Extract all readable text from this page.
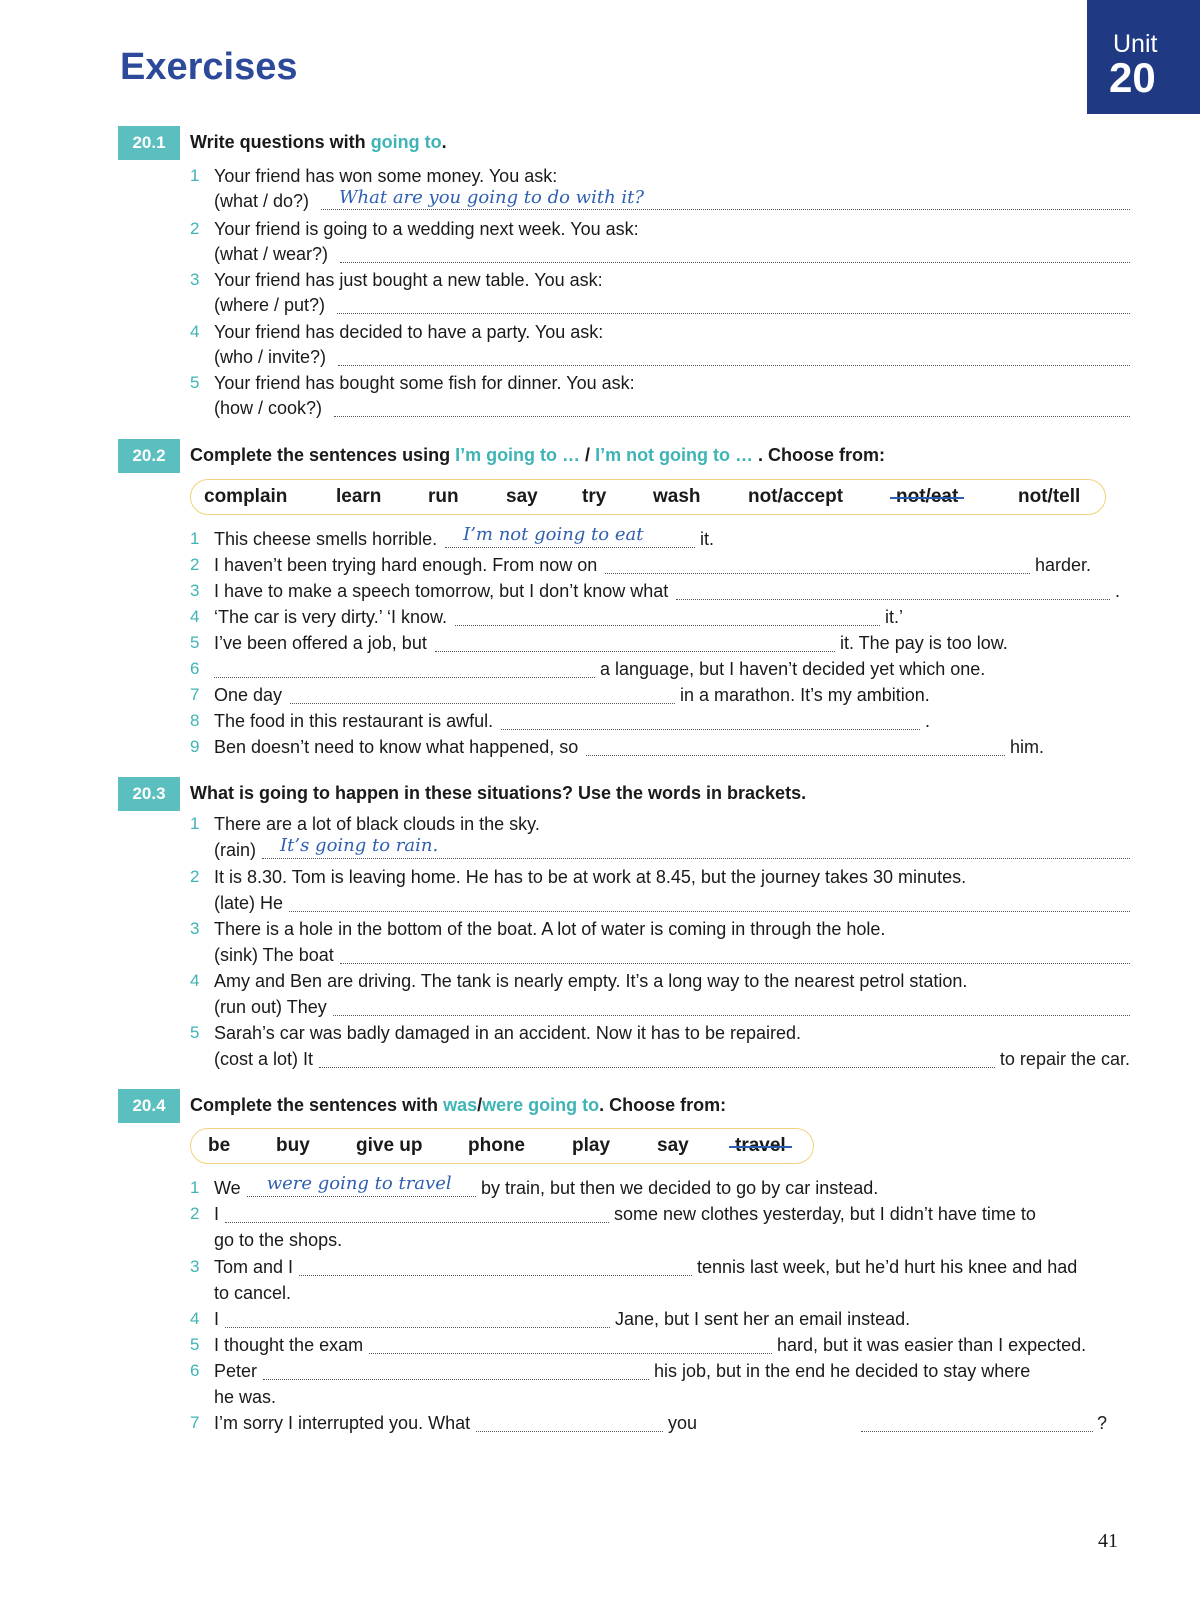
Unit
20
Exercises
20.1	Write questions with going to.
1 Your friend has won some money. You ask:
(what / do?) What are you going to do with it?
2 Your friend is going to a wedding next week. You ask:
(what / wear?)
3 Your friend has just bought a new table. You ask:
(where / put?)
4 Your friend has decided to have a party. You ask:
(who / invite?)
5 Your friend has bought some fish for dinner. You ask:
(how / cook?)
20.2	Complete the sentences using I’m going to … / I’m not going to … . Choose from:
complain	learn run say try wash not/accept	not/eat	not/tell
1 This cheese smells horrible.	it.
I’m not going to eat
2 I haven’t been trying hard enough. From now on	harder.
3 I have to make a speech tomorrow, but I don’t know what	.
4 ‘The car is very dirty.’ ‘I know.	it.’
5 I’ve been offered a job, but	it. The pay is too low.
6	a language, but I haven’t decided yet which one.
7 One day	in a marathon. It’s my ambition.
8 The food in this restaurant is awful.	.
9 Ben doesn’t need to know what happened, so	him.
20.3	What is going to happen in these situations? Use the words in brackets.
1 There are a lot of black clouds in the sky.
(rain) It’s going to rain.
2 It is 8.30. Tom is leaving home. He has to be at work at 8.45, but the journey takes 30 minutes.
(late) He
3 There is a hole in the bottom of the boat. A lot of water is coming in through the hole.
(sink) The boat
4 Amy and Ben are driving. The tank is nearly empty. It’s a long way to the nearest petrol station.
(run out) They
5 Sarah’s car was badly damaged in an accident. Now it has to be repaired.
(cost a lot) It	to repair the car.
20.4	Complete the sentences with was/were going to. Choose from:
be buy give up phone play say travel
1 We	by train, but then we decided to go by car instead.
were going to travel
2 I	some new clothes yesterday, but I didn’t have time to
go to the shops.
3 Tom and I	tennis last week, but he’d hurt his knee and had
to cancel.
4 I	Jane, but I sent her an email instead.
5 I thought the exam	hard, but it was easier than I expected.
6 Peter	his job, but in the end he decided to stay where
he was.
7 I’m sorry I interrupted you. What	you	?
41
